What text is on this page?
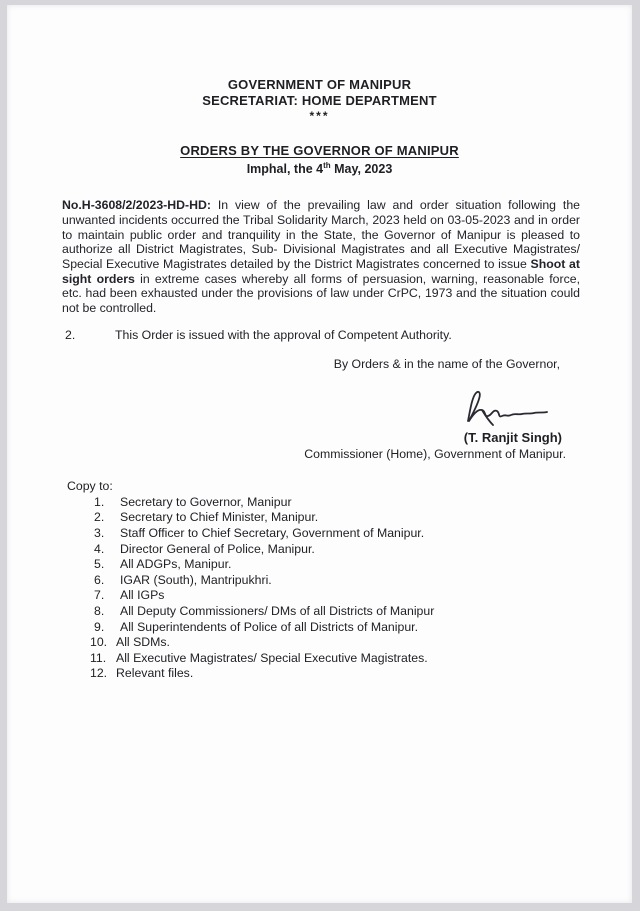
GOVERNMENT OF MANIPUR
SECRETARIAT: HOME DEPARTMENT
***
ORDERS BY THE GOVERNOR OF MANIPUR
Imphal, the 4th May, 2023

No.H-3608/2/2023-HD-HD: In view of the prevailing law and order situation following the unwanted incidents occurred the Tribal Solidarity March, 2023 held on 03-05-2023 and in order to maintain public order and tranquility in the State, the Governor of Manipur is pleased to authorize all District Magistrates, Sub- Divisional Magistrates and all Executive Magistrates/ Special Executive Magistrates detailed by the District Magistrates concerned to issue Shoot at sight orders in extreme cases whereby all forms of persuasion, warning, reasonable force, etc. had been exhausted under the provisions of law under CrPC, 1973 and the situation could not be controlled.

2.	This Order is issued with the approval of Competent Authority.
By Orders & in the name of the Governor,
(T. Ranjit Singh)
Commissioner (Home), Government of Manipur.
Copy to:
1.	Secretary to Governor, Manipur
2.	Secretary to Chief Minister, Manipur.
3.	Staff Officer to Chief Secretary, Government of Manipur.
4.	Director General of Police, Manipur.
5.	All ADGPs, Manipur.
6.	IGAR (South), Mantripukhri.
7.	All IGPs
8.	All Deputy Commissioners/ DMs of all Districts of Manipur
9.	All Superintendents of Police of all Districts of Manipur.
10. All SDMs.
11. All Executive Magistrates/ Special Executive Magistrates.
12. Relevant files.
